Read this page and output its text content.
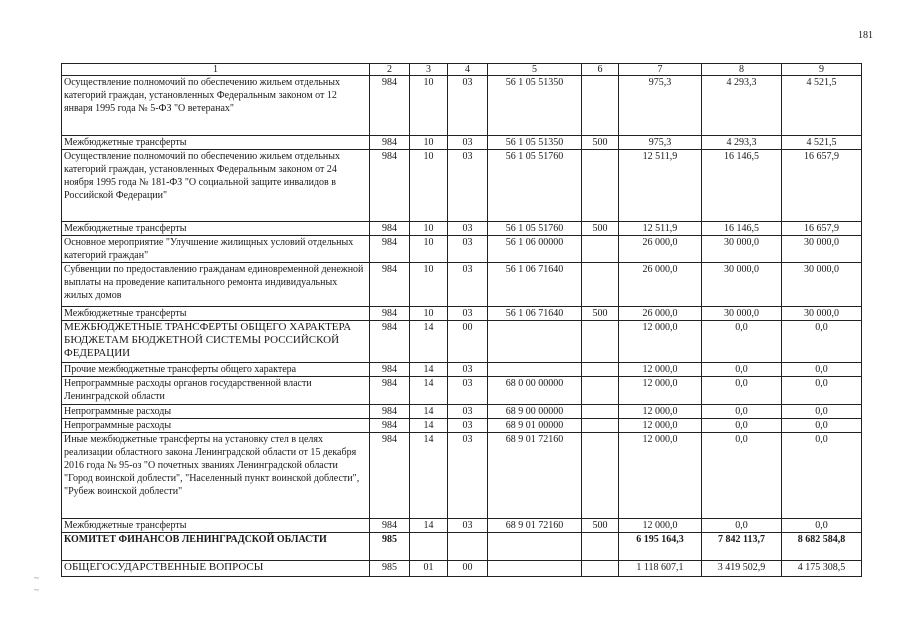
181
1	2	3	4	5	6	7	8	9
Осуществление полномочий по обеспечению жильем отдельных категорий граждан, установленных Федеральным законом от 12 января 1995 года № 5-ФЗ "О ветеранах"	984	10	03	56 1 05 51350		975,3	4 293,3	4 521,5
Межбюджетные трансферты	984	10	03	56 1 05 51350	500	975,3	4 293,3	4 521,5
Осуществление полномочий по обеспечению жильем отдельных категорий граждан, установленных Федеральным законом от 24 ноября 1995 года № 181-ФЗ "О социальной защите инвалидов в Российской Федерации"	984	10	03	56 1 05 51760		12 511,9	16 146,5	16 657,9
Межбюджетные трансферты	984	10	03	56 1 05 51760	500	12 511,9	16 146,5	16 657,9
Основное мероприятие "Улучшение жилищных условий отдельных категорий граждан"	984	10	03	56 1 06 00000		26 000,0	30 000,0	30 000,0
Субвенции по предоставлению гражданам единовременной денежной выплаты на проведение капитального ремонта индивидуальных жилых домов	984	10	03	56 1 06 71640		26 000,0	30 000,0	30 000,0
Межбюджетные трансферты	984	10	03	56 1 06 71640	500	26 000,0	30 000,0	30 000,0
МЕЖБЮДЖЕТНЫЕ ТРАНСФЕРТЫ ОБЩЕГО ХАРАКТЕРА БЮДЖЕТАМ БЮДЖЕТНОЙ СИСТЕМЫ РОССИЙСКОЙ ФЕДЕРАЦИИ	984	14	00			12 000,0	0,0	0,0
Прочие межбюджетные трансферты общего характера	984	14	03			12 000,0	0,0	0,0
Непрограммные расходы органов государственной власти Ленинградской области	984	14	03	68 0 00 00000		12 000,0	0,0	0,0
Непрограммные расходы	984	14	03	68 9 00 00000		12 000,0	0,0	0,0
Непрограммные расходы	984	14	03	68 9 01 00000		12 000,0	0,0	0,0
Иные межбюджетные трансферты на установку стел в целях реализации областного закона Ленинградской области от 15 декабря 2016 года № 95-оз "О почетных званиях Ленинградской области "Город воинской доблести", "Населенный пункт воинской доблести", "Рубеж воинской доблести"	984	14	03	68 9 01 72160		12 000,0	0,0	0,0
Межбюджетные трансферты	984	14	03	68 9 01 72160	500	12 000,0	0,0	0,0
КОМИТЕТ ФИНАНСОВ ЛЕНИНГРАДСКОЙ ОБЛАСТИ	985					6 195 164,3	7 842 113,7	8 682 584,8
ОБЩЕГОСУДАРСТВЕННЫЕ ВОПРОСЫ	985	01	00			1 118 607,1	3 419 502,9	4 175 308,5
~
~
